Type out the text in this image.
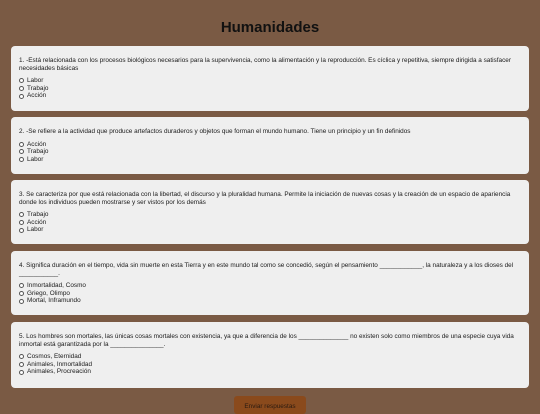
Humanidades

1. -Está relacionada con los procesos biológicos necesarios para la supervivencia, como la alimentación y la reproducción. Es cíclica y repetitiva, siempre dirigida a satisfacer necesidades básicas

Labor
Trabajo
Acción

2. -Se refiere a la actividad que produce artefactos duraderos y objetos que forman el mundo humano. Tiene un principio y un fin definidos

Acción
Trabajo
Labor

3. Se caracteriza por que está relacionada con la libertad, el discurso y la pluralidad humana. Permite la iniciación de nuevas cosas y la creación de un espacio de apariencia donde los individuos pueden mostrarse y ser vistos por los demás

Trabajo
Acción
Labor

4. Significa duración en el tiempo, vida sin muerte en esta Tierra y en este mundo tal como se concedió, según el pensamiento ____________, la naturaleza y a los dioses del ___________.

Inmortalidad, Cosmo
Griego, Olimpo
Mortal, Inframundo

5. Los hombres son mortales, las únicas cosas mortales con existencia, ya que a diferencia de los ______________ no existen solo como miembros de una especie cuya vida inmortal está garantizada por la _______________.

Cosmos, Eternidad
Animales, Inmortalidad
Animales, Procreación
Enviar respuestas
